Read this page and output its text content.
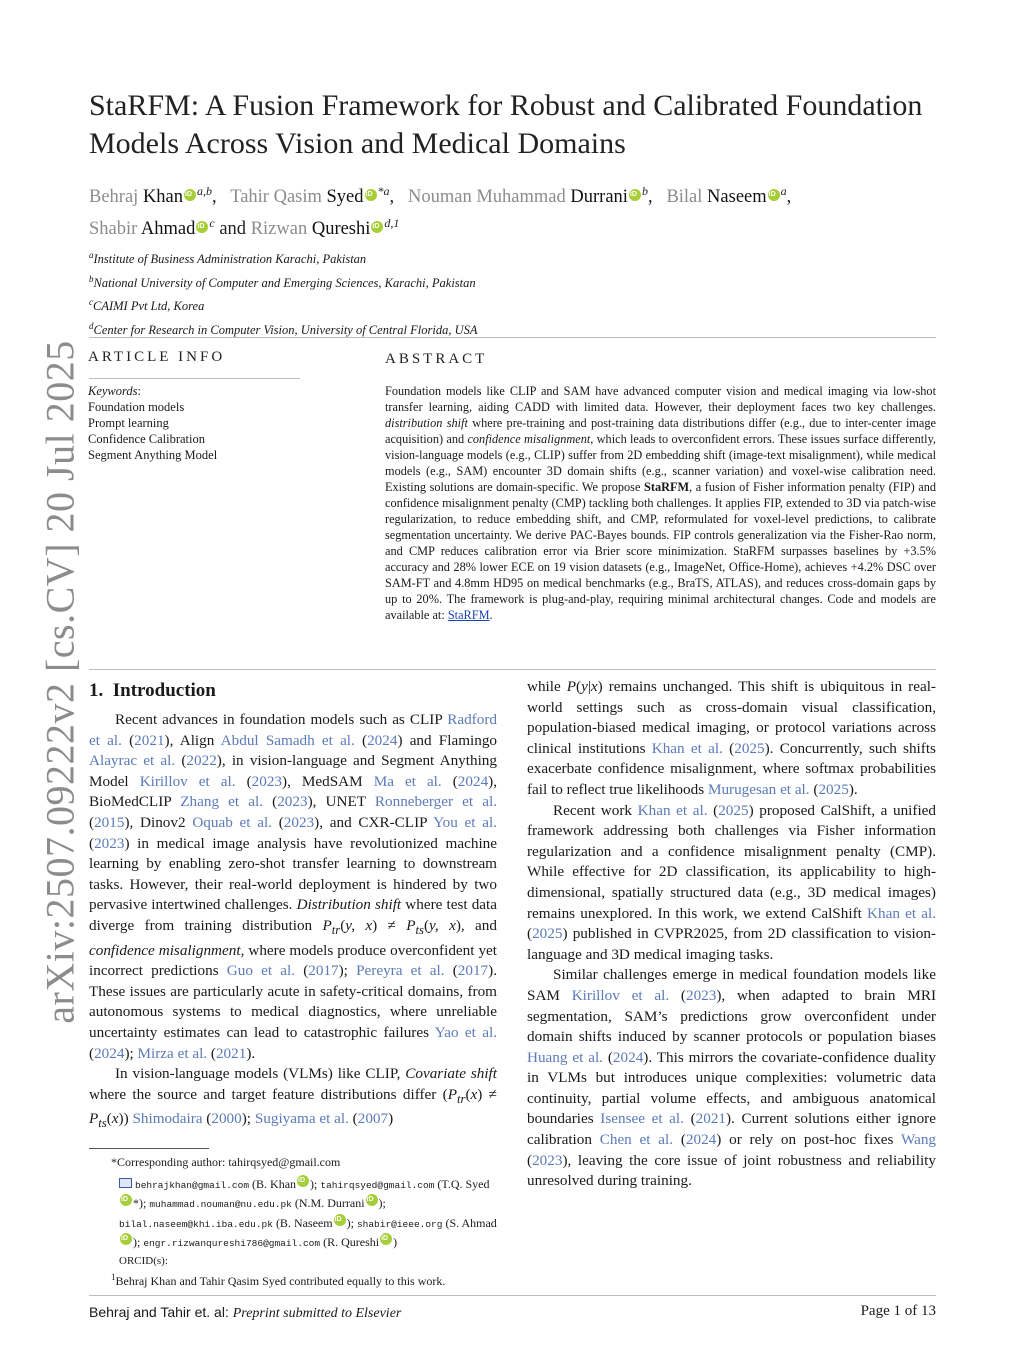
arXiv:2507.09222v2 [cs.CV] 20 Jul 2025
StaRFM: A Fusion Framework for Robust and Calibrated Foundation Models Across Vision and Medical Domains
Behraj Khan iD $^{a,b}$,   Tahir Qasim Syed iD $^{*a}$,   Nouman Muhammad Durrani iD $^b$,   Bilal NaseemiD $^a$,
Shabir Ahmad iD $^c$ and Rizwan Qureshi iD $^{d,1}$
$^a$Institute of Business Administration Karachi, Pakistan
$^b$National University of Computer and Emerging Sciences, Karachi, Pakistan
$^c$CAIMI Pvt Ltd, Korea
$^d$Center for Research in Computer Vision, University of Central Florida, USA
ARTICLE INFO
Keywords:
Foundation models
Prompt learning
Confidence Calibration
Segment Anything Model
ABSTRACT
Foundation models like CLIP and SAM have advanced computer vision and medical imaging via low-shot transfer learning, aiding CADD with limited data. However, their deployment faces two key challenges. distribution shift where pre-training and post-training data distributions differ (e.g., due to inter-center image acquisition) and confidence misalignment, which leads to overconfident errors. These issues surface differently, vision-language models (e.g., CLIP) suffer from 2D embedding shift (image-text misalignment), while medical models (e.g., SAM) encounter 3D domain shifts (e.g., scanner variation) and voxel-wise calibration need. Existing solutions are domain-specific. We propose StaRFM, a fusion of Fisher information penalty (FIP) and confidence misalignment penalty (CMP) tackling both challenges. It applies FIP, extended to 3D via patch-wise regularization, to reduce embedding shift, and CMP, reformulated for voxel-level predictions, to calibrate segmentation uncertainty. We derive PAC-Bayes bounds. FIP controls generalization via the Fisher-Rao norm, and CMP reduces calibration error via Brier score minimization. StaRFM surpasses baselines by +3.5% accuracy and 28% lower ECE on 19 vision datasets (e.g., ImageNet, Office-Home), achieves +4.2% DSC over SAM-FT and 4.8mm HD95 on medical benchmarks (e.g., BraTS, ATLAS), and reduces cross-domain gaps by up to 20%. The framework is plug-and-play, requiring minimal architectural changes. Code and models are available at: StaRFM.
1. Introduction

Recent advances in foundation models such as CLIP Radford et al. (2021), Align Abdul Samadh et al. (2024) and Flamingo Alayrac et al. (2022), in vision-language and Segment Anything Model Kirillov et al. (2023), MedSAM Ma et al. (2024), BioMedCLIP Zhang et al. (2023), UNET Ronneberger et al. (2015), Dinov2 Oquab et al. (2023), and CXR-CLIP You et al. (2023) in medical image analysis have revolutionized machine learning by enabling zero-shot transfer learning to downstream tasks. However, their real-world deployment is hindered by two pervasive intertwined challenges. Distribution shift where test data diverge from training distribution $P_{tr}(y$, $x) \ne P_{ts}(y$, x), and confidence misalignment, where models produce overconfident yet incorrect predictions Guo et al. (2017); Pereyra et al. (2017). These issues are particularly acute in safety-critical domains, from autonomous systems to medical diagnostics, where unreliable uncertainty estimates can lead to catastrophic failures Yao et al. (2024); Mirza et al. (2021).

In vision-language models (VLMs) like CLIP, Covariate shift where the source and target feature distributions differ $(P_{tr}(x) \ne P_{ts}(x))$ Shimodaira (2000); Sugiyama et al. (2007)

while P(y|x) remains unchanged. This shift is ubiquitous in real-world settings such as cross-domain visual classification, population-biased medical imaging, or protocol variations across clinical institutions Khan et al. (2025). Concurrently, such shifts exacerbate confidence misalignment, where softmax probabilities fail to reflect true likelihoods Murugesan et al. (2025).

Recent work Khan et al. (2025) proposed CalShift, a unified framework addressing both challenges via Fisher information regularization and a confidence misalignment penalty (CMP). While effective for 2D classification, its applicability to high-dimensional, spatially structured data (e.g., 3D medical images) remains unexplored. In this work, we extend CalShift Khan et al. (2025) published in CVPR2025, from 2D classification to vision-language and 3D medical imaging tasks.

Similar challenges emerge in medical foundation models like SAM Kirillov et al. (2023), when adapted to brain MRI segmentation, SAM’s predictions grow overconfident under domain shifts induced by scanner protocols or population biases Huang et al. (2024). This mirrors the covariate-confidence duality in VLMs but introduces unique complexities: volumetric data continuity, partial volume effects, and ambiguous anatomical boundaries Isensee et al. (2021). Current solutions either ignore calibration Chen et al. (2024) or rely on post-hoc fixes Wang (2023), leaving the core issue of joint robustness and reliability unresolved during training.

*Corresponding author: tahirqsyed@gmail.com
behrajkhan@gmail.com (B. Khan iD ); tahirqsyed@gmail.com (T.Q. SyediD*); muhammad.nouman@nu.edu.pk (N.M. Durrani iD ); bilal.naseem@khi.iba.edu.pk (B. Naseem iD ); shabir@ieee.org (S. AhmadiD); engr.rizwanqureshi786@gmail.com (R. Qureshi iD )
ORCID(s):
$^1$Behraj Khan and Tahir Qasim Syed contributed equally to this work.
Behraj and Tahir et. al: Preprint submitted to Elsevier	Page 1 of 13
